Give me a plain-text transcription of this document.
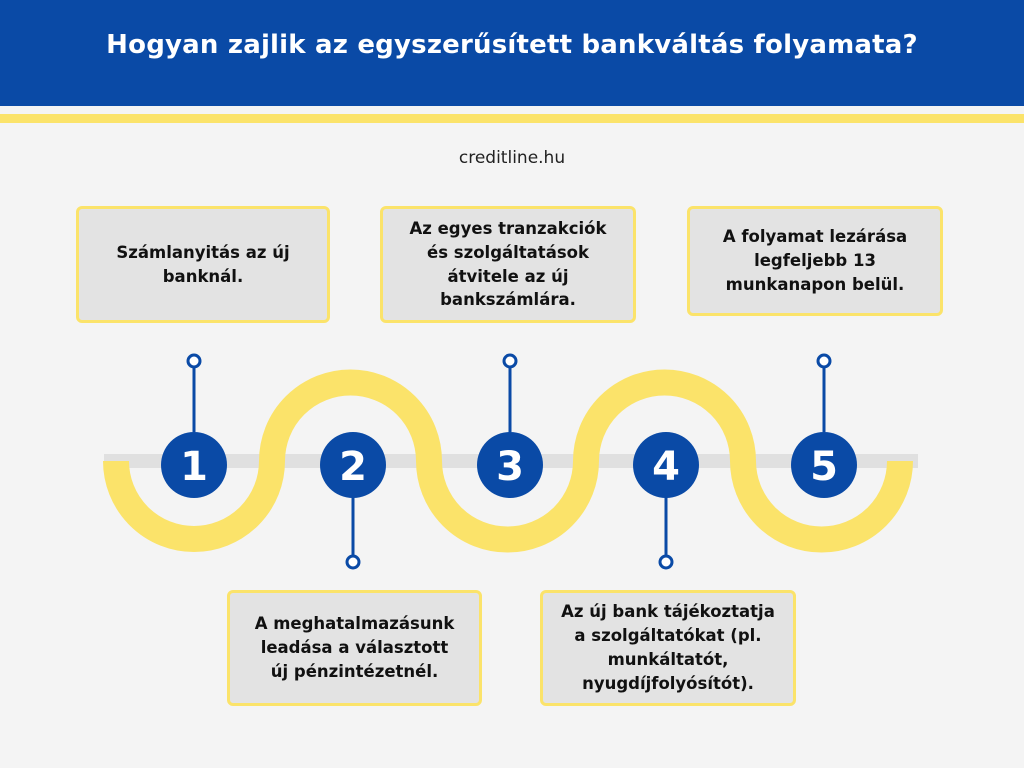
Hogyan zajlik az egyszerűsített bankváltás folyamata?
creditline.hu
1	2	3	4	5
Számlanyitás az új banknál.
Az egyes tranzakciók és szolgáltatások átvitele az új bankszámlára.
A folyamat lezárása legfeljebb 13 munkanapon belül.
A meghatalmazásunk leadása a választott új pénzintézetnél.
Az új bank tájékoztatja a szolgáltatókat (pl. munkáltatót, nyugdíjfolyósítót).
